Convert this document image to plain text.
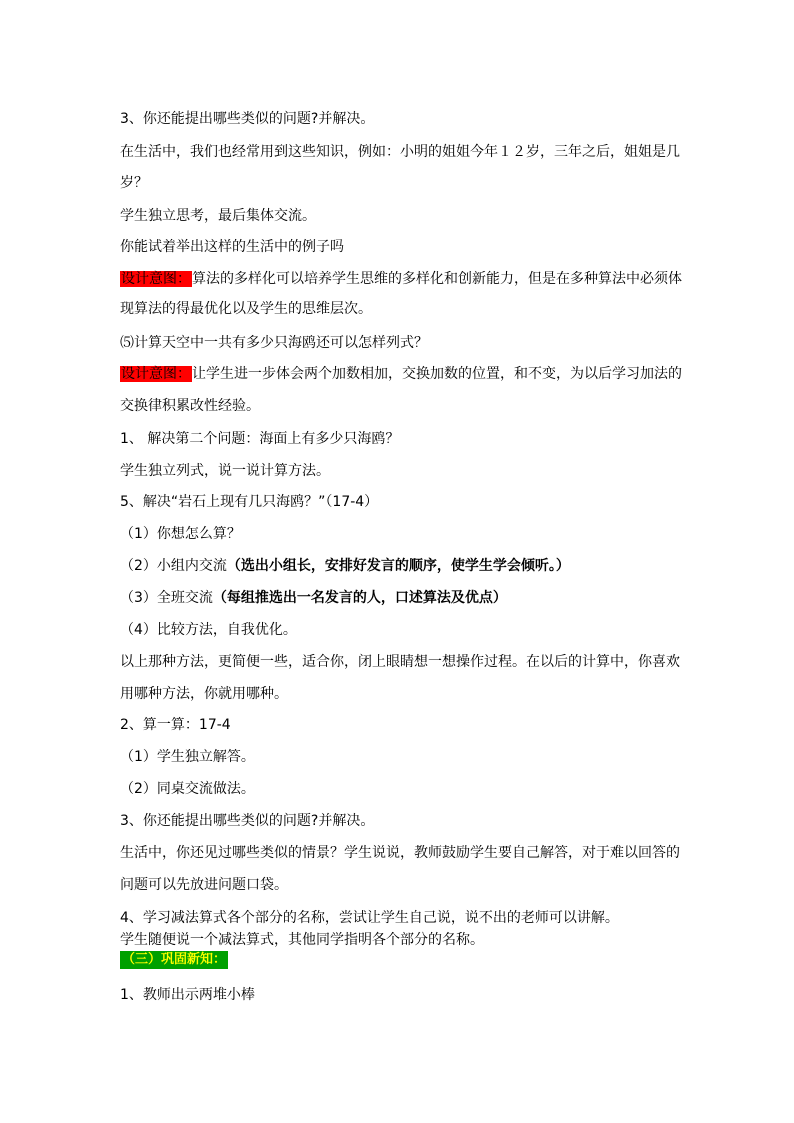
3、你还能提出哪些类似的问题?并解决。
在生活中，我们也经常用到这些知识，例如：小明的姐姐今年１２岁，三年之后，姐姐是几
岁？
学生独立思考，最后集体交流。
你能试着举出这样的生活中的例子吗
设计意图：算法的多样化可以培养学生思维的多样化和创新能力，但是在多种算法中必须体
现算法的得最优化以及学生的思维层次。
⑸计算天空中一共有多少只海鸥还可以怎样列式？
设计意图：让学生进一步体会两个加数相加，交换加数的位置，和不变，为以后学习加法的
交换律积累改性经验。
1、 解决第二个问题：海面上有多少只海鸥？
学生独立列式，说一说计算方法。
5、解决“岩石上现有几只海鸥？”（17-4）
（1）你想怎么算？
（2）小组内交流（选出小组长，安排好发言的顺序，使学生学会倾听。）
（3）全班交流（每组推选出一名发言的人，口述算法及优点）
（4）比较方法，自我优化。
以上那种方法，更简便一些，适合你，闭上眼睛想一想操作过程。在以后的计算中，你喜欢
用哪种方法，你就用哪种。
2、算一算：17-4
（1）学生独立解答。
（2）同桌交流做法。
3、你还能提出哪些类似的问题?并解决。
生活中，你还见过哪些类似的情景？学生说说，教师鼓励学生要自己解答，对于难以回答的
问题可以先放进问题口袋。
4、学习减法算式各个部分的名称，尝试让学生自己说，说不出的老师可以讲解。
学生随便说一个减法算式，其他同学指明各个部分的名称。
（三）巩固新知：
1、教师出示两堆小棒
